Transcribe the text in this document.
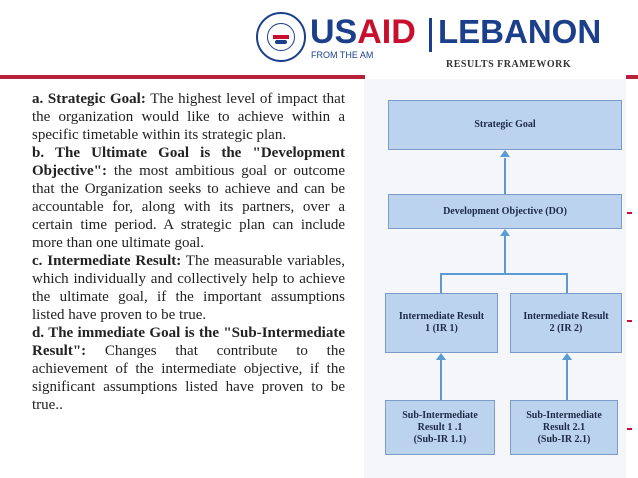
USAID LEBANON
FROM THE AM
RESULTS FRAMEWORK

a. Strategic Goal: The highest level of impact that the organization would like to achieve within a specific timetable within its strategic plan.

b. The Ultimate Goal is the "Development Objective": the most ambitious goal or outcome that the Organization seeks to achieve and can be accountable for, along with its partners, over a certain time period. A strategic plan can include more than one ultimate goal.

c. Intermediate Result: The measurable variables, which individually and collectively help to achieve the ultimate goal, if the important assumptions listed have proven to be true.

d. The immediate Goal is the "Sub-Intermediate Result": Changes that contribute to the achievement of the intermediate objective, if the significant assumptions listed have proven to be true..

Strategic Goal
Development Objective (DO)
Intermediate Result
1 (IR 1)
Intermediate Result
2 (IR 2)
Sub-Intermediate
Result 1 .1
(Sub-IR 1.1)
Sub-Intermediate
Result 2.1
(Sub-IR 2.1)
